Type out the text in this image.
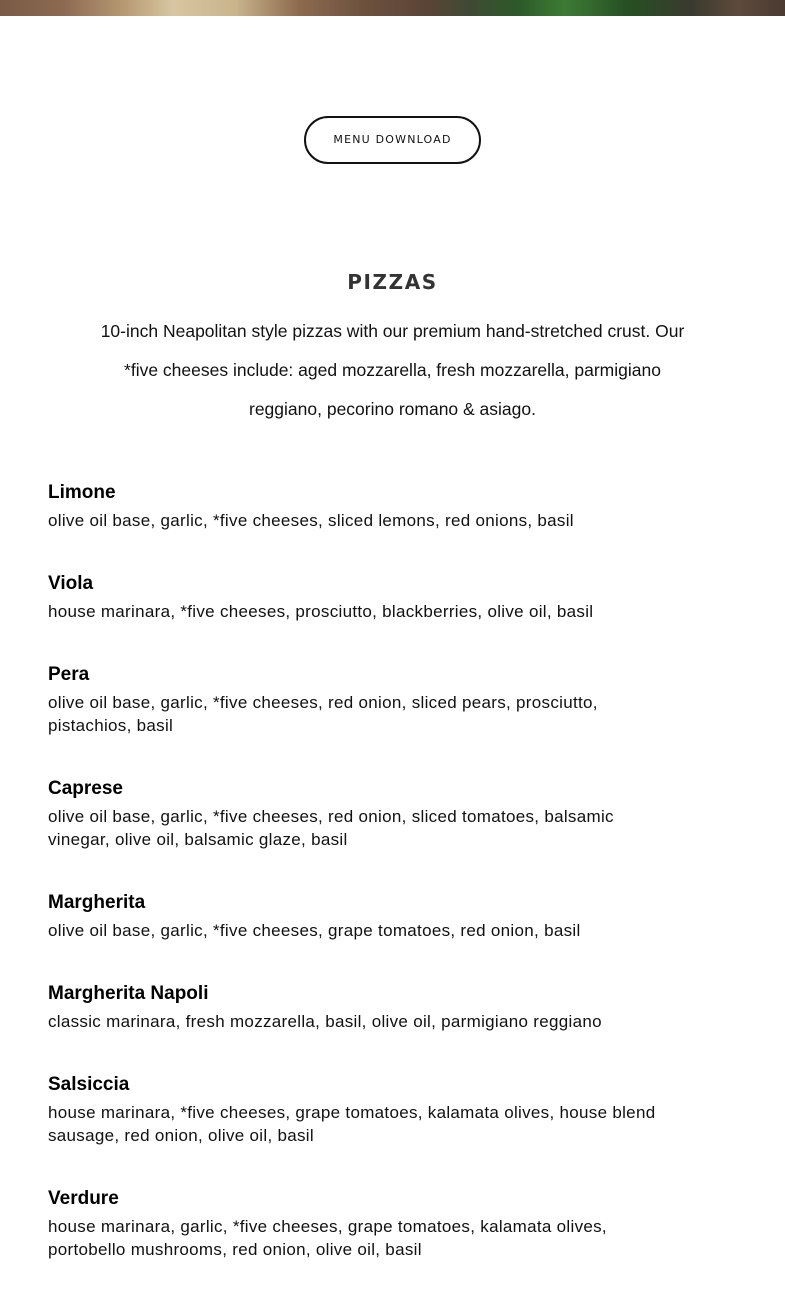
MENU DOWNLOAD
PIZZAS

10-inch Neapolitan style pizzas with our premium hand-stretched crust. Our *five cheeses include: aged mozzarella, fresh mozzarella, parmigiano reggiano, pecorino romano & asiago.

Limone

olive oil base, garlic, *five cheeses, sliced lemons, red onions, basil

Viola

house marinara, *five cheeses, prosciutto, blackberries, olive oil, basil

Pera

olive oil base, garlic, *five cheeses, red onion, sliced pears, prosciutto, pistachios, basil

Caprese

olive oil base, garlic, *five cheeses, red onion, sliced tomatoes, balsamic vinegar, olive oil, balsamic glaze, basil

Margherita

olive oil base, garlic, *five cheeses, grape tomatoes, red onion, basil

Margherita Napoli

classic marinara, fresh mozzarella, basil, olive oil, parmigiano reggiano

Salsiccia

house marinara, *five cheeses, grape tomatoes, kalamata olives, house blend sausage, red onion, olive oil, basil

Verdure

house marinara, garlic, *five cheeses, grape tomatoes, kalamata olives, portobello mushrooms, red onion, olive oil, basil
